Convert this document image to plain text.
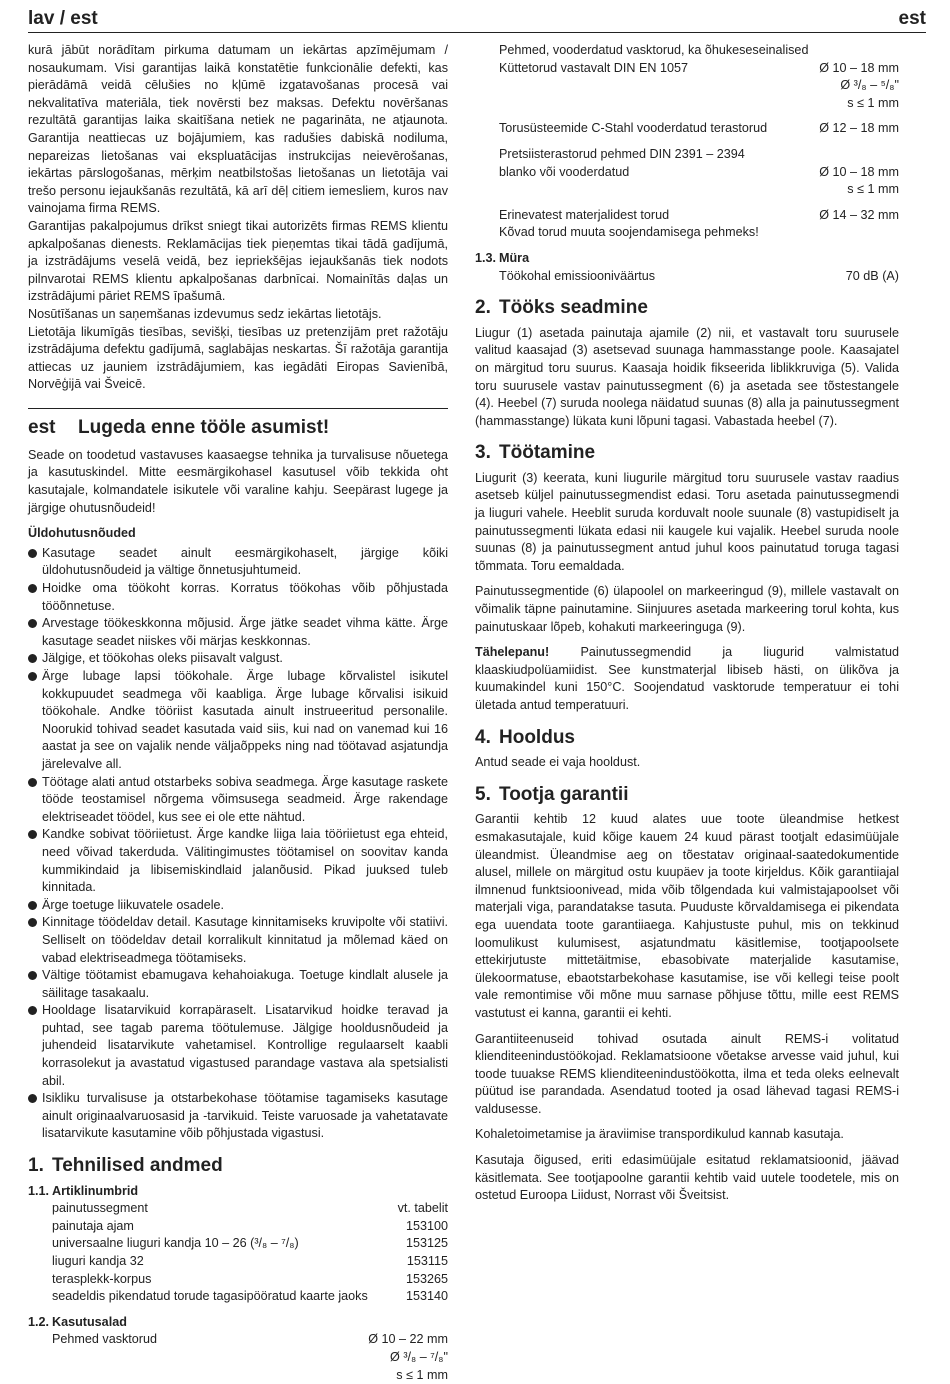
lav / est	est

kurā jābūt norādītam pirkuma datumam un iekārtas apzīmējumam / nosaukumam. Visi garantijas laikā konstatētie funkcionālie defekti, kas pierādāmā veidā cēlušies no kļūmē izgatavošanas procesā vai nekvalitatīva materiāla, tiek novērsti bez maksas. Defektu novēršanas rezultātā garantijas laika skaitīšana netiek ne pagarināta, ne atjaunota. Garantija neattiecas uz bojājumiem, kas radušies dabiskā nodiluma, nepareizas lietošanas vai ekspluatācijas instrukcijas neievērošanas, iekārtas pārslogošanas, mērķim neatbilstošas lietošanas un lietotāja vai trešo personu iejaukšanās rezultātā, kā arī dēļ citiem iemesliem, kuros nav vainojama firma REMS.

Garantijas pakalpojumus drīkst sniegt tikai autorizēts firmas REMS klientu apkalpošanas dienests. Reklamācijas tiek pieņemtas tikai tādā gadījumā, ja izstrādājums veselā veidā, bez iepriekšējas iejaukšanās tiek nodots pilnvarotai REMS klientu apkalpošanas darbnīcai. Nomainītās daļas un izstrādājumi pāriet REMS īpašumā.

Nosūtīšanas un saņemšanas izdevumus sedz iekārtas lietotājs.

Lietotāja likumīgās tiesības, sevišķi, tiesības uz pretenzijām pret ražotāju izstrādājuma defektu gadījumā, saglabājas neskartas. Šī ražotāja garantija attiecas uz jauniem izstrādājumiem, kas iegādāti Eiropas Savienībā, Norvēģijā vai Šveicē.

est Lugeda enne tööle asumist!

Seade on toodetud vastavuses kaasaegse tehnika ja turvalisuse nõuetega ja kasutuskindel. Mitte eesmärgikohasel kasutusel võib tekkida oht kasutajale, kolmandatele isikutele või varaline kahju. Seepärast lugege ja järgige ohutusnõudeid!

Üldohutusnõuded
Kasutage seadet ainult eesmärgikohaselt, järgige kõiki üldohutusnõudeid ja vältige õnnetusjuhtumeid.
Hoidke oma töökoht korras. Korratus töökohas võib põhjustada tööõnnetuse.
Arvestage töökeskkonna mõjusid. Ärge jätke seadet vihma kätte. Ärge kasutage seadet niiskes või märjas keskkonnas.
Jälgige, et töökohas oleks piisavalt valgust.
Ärge lubage lapsi töökohale. Ärge lubage kõrvalistel isikutel kokkupuudet seadmega või kaabliga. Ärge lubage kõrvalisi isikuid töökohale. Andke tööriist kasutada ainult instrueeritud personalile. Noorukid tohivad seadet kasutada vaid siis, kui nad on vanemad kui 16 aastat ja see on vajalik nende väljaõppeks ning nad töötavad asjatundja järelevalve all.
Töötage alati antud otstarbeks sobiva seadmega. Ärge kasutage raskete tööde teostamisel nõrgema võimsusega seadmeid. Ärge rakendage elektriseadet töödel, kus see ei ole ette nähtud.
Kandke sobivat tööriietust. Ärge kandke liiga laia tööriietust ega ehteid, need võivad takerduda. Välitingimustes töötamisel on soovitav kanda kummikindaid ja libisemiskindlaid jalanõusid. Pikad juuksed tuleb kinnitada.
Ärge toetuge liikuvatele osadele.
Kinnitage töödeldav detail. Kasutage kinnitamiseks kruvipolte või statiivi. Selliselt on töödeldav detail korralikult kinnitatud ja mõlemad käed on vabad elektriseadmega töötamiseks.
Vältige töötamist ebamugava kehahoiakuga. Toetuge kindlalt alusele ja säilitage tasakaalu.
Hooldage lisatarvikuid korrapäraselt. Lisatarvikud hoidke teravad ja puhtad, see tagab parema töötulemuse. Jälgige hooldusnõudeid ja juhendeid lisatarvikute vahetamisel. Kontrollige regulaarselt kaabli korrasolekut ja avastatud vigastused parandage vastava ala spetsialisti abil.
Isikliku turvalisuse ja otstarbekohase töötamise tagamiseks kasutage ainult originaalvaruosasid ja -tarvikuid. Teiste varuosade ja vahetatavate lisatarvikute kasutamine võib põhjustada vigastusi.
1. Tehnilised andmed
1.1. Artiklinumbrid
painutussegment	vt. tabelit
painutaja ajam	153100
universaalne liuguri kandja 10 – 26 (³/₈ – ⁷/₈)	153125
liuguri kandja 32	153115
terasplekk-korpus	153265
seadeldis pikendatud torude tagasipööratud kaarte jaoks	153140
1.2. Kasutusalad
Pehmed vasktorud	Ø 10 – 22 mm
Ø ³/₈ – ⁷/₈"
s ≤ 1 mm
Pehmed, vooderdatud vasktorud, ka õhukeseseinalised
Küttetorud vastavalt DIN EN 1057	Ø 10 – 18 mm
Ø ³/₈ – ⁵/₈"
s ≤ 1 mm
Torusüsteemide C-Stahl vooderdatud terastorud	Ø 12 – 18 mm
Pretsiisterastorud pehmed DIN 2391 – 2394
blanko või vooderdatud	Ø 10 – 18 mm
s ≤ 1 mm
Erinevatest materjalidest torud	Ø 14 – 32 mm
Kõvad torud muuta soojendamisega pehmeks!
1.3. Müra
Töökohal emissiooniväärtus	70 dB (A)
2. Tööks seadmine

Liugur (1) asetada painutaja ajamile (2) nii, et vastavalt toru suurusele valitud kaasajad (3) asetsevad suunaga hammasstange poole. Kaasajatel on märgitud toru suurus. Kaasaja hoidik fikseerida liblikkruviga (5). Valida toru suurusele vastav painutussegment (6) ja asetada see tõstestangele (4). Heebel (7) suruda noolega näidatud suunas (8) alla ja painutussegment (hammasstange) lükata kuni lõpuni tagasi. Vabastada heebel (7).

3. Töötamine

Liugurit (3) keerata, kuni liugurile märgitud toru suurusele vastav raadius asetseb küljel painutussegmendist edasi. Toru asetada painutussegmendi ja liuguri vahele. Heeblit suruda korduvalt noole suunale (8) vastupidiselt ja painutussegmenti lükata edasi nii kaugele kui vajalik. Heebel suruda noole suunas (8) ja painutussegment antud juhul koos painutatud toruga tagasi tõmmata. Toru eemaldada.

Painutussegmentide (6) ülapoolel on markeeringud (9), millele vastavalt on võimalik täpne painutamine. Siinjuures asetada markeering torul kohta, kus painutuskaar lõpeb, kohakuti markeeringuga (9).

Tähelepanu! Painutussegmendid ja liugurid valmistatud klaaskiudpolüamiidist. See kunstmaterjal libiseb hästi, on ülikõva ja kuumakindel kuni 150°C. Soojendatud vasktorude temperatuur ei tohi ületada antud temperatuuri.

4. Hooldus

Antud seade ei vaja hooldust.

5. Tootja garantii

Garantii kehtib 12 kuud alates uue toote üleandmise hetkest esmakasutajale, kuid kõige kauem 24 kuud pärast tootjalt edasimüüjale üleandmist. Üleandmise aeg on tõestatav originaal-saatedokumentide alusel, millele on märgitud ostu kuupäev ja toote kirjeldus. Kõik garantiiajal ilmnenud funktsioonivead, mida võib tõlgendada kui valmistajapoolset või materjali viga, parandatakse tasuta. Puuduste kõrvaldamisega ei pikendata ega uuendata toote garantiiaega. Kahjustuste puhul, mis on tekkinud loomulikust kulumisest, asjatundmatu käsitlemise, tootjapoolsete ettekirjutuste mittetäitmise, ebasobivate materjalide kasutamise, ülekoormatuse, ebaotstarbekohase kasutamise, ise või kellegi teise poolt vale remontimise või mõne muu sarnase põhjuse tõttu, mille eest REMS vastutust ei kanna, garantii ei kehti.

Garantiiteenuseid tohivad osutada ainult REMS-i volitatud klienditeenindustöökojad. Reklamatsioone võetakse arvesse vaid juhul, kui toode tuuakse REMS klienditeenindustöökotta, ilma et teda oleks eelnevalt püütud ise parandada. Asendatud tooted ja osad lähevad tagasi REMS-i valdusesse.

Kohaletoimetamise ja äraviimise transpordikulud kannab kasutaja.

Kasutaja õigused, eriti edasimüüjale esitatud reklamatsioonid, jäävad käsitlemata. See tootjapoolne garantii kehtib vaid uutele toodetele, mis on ostetud Euroopa Liidust, Norrast või Šveitsist.
